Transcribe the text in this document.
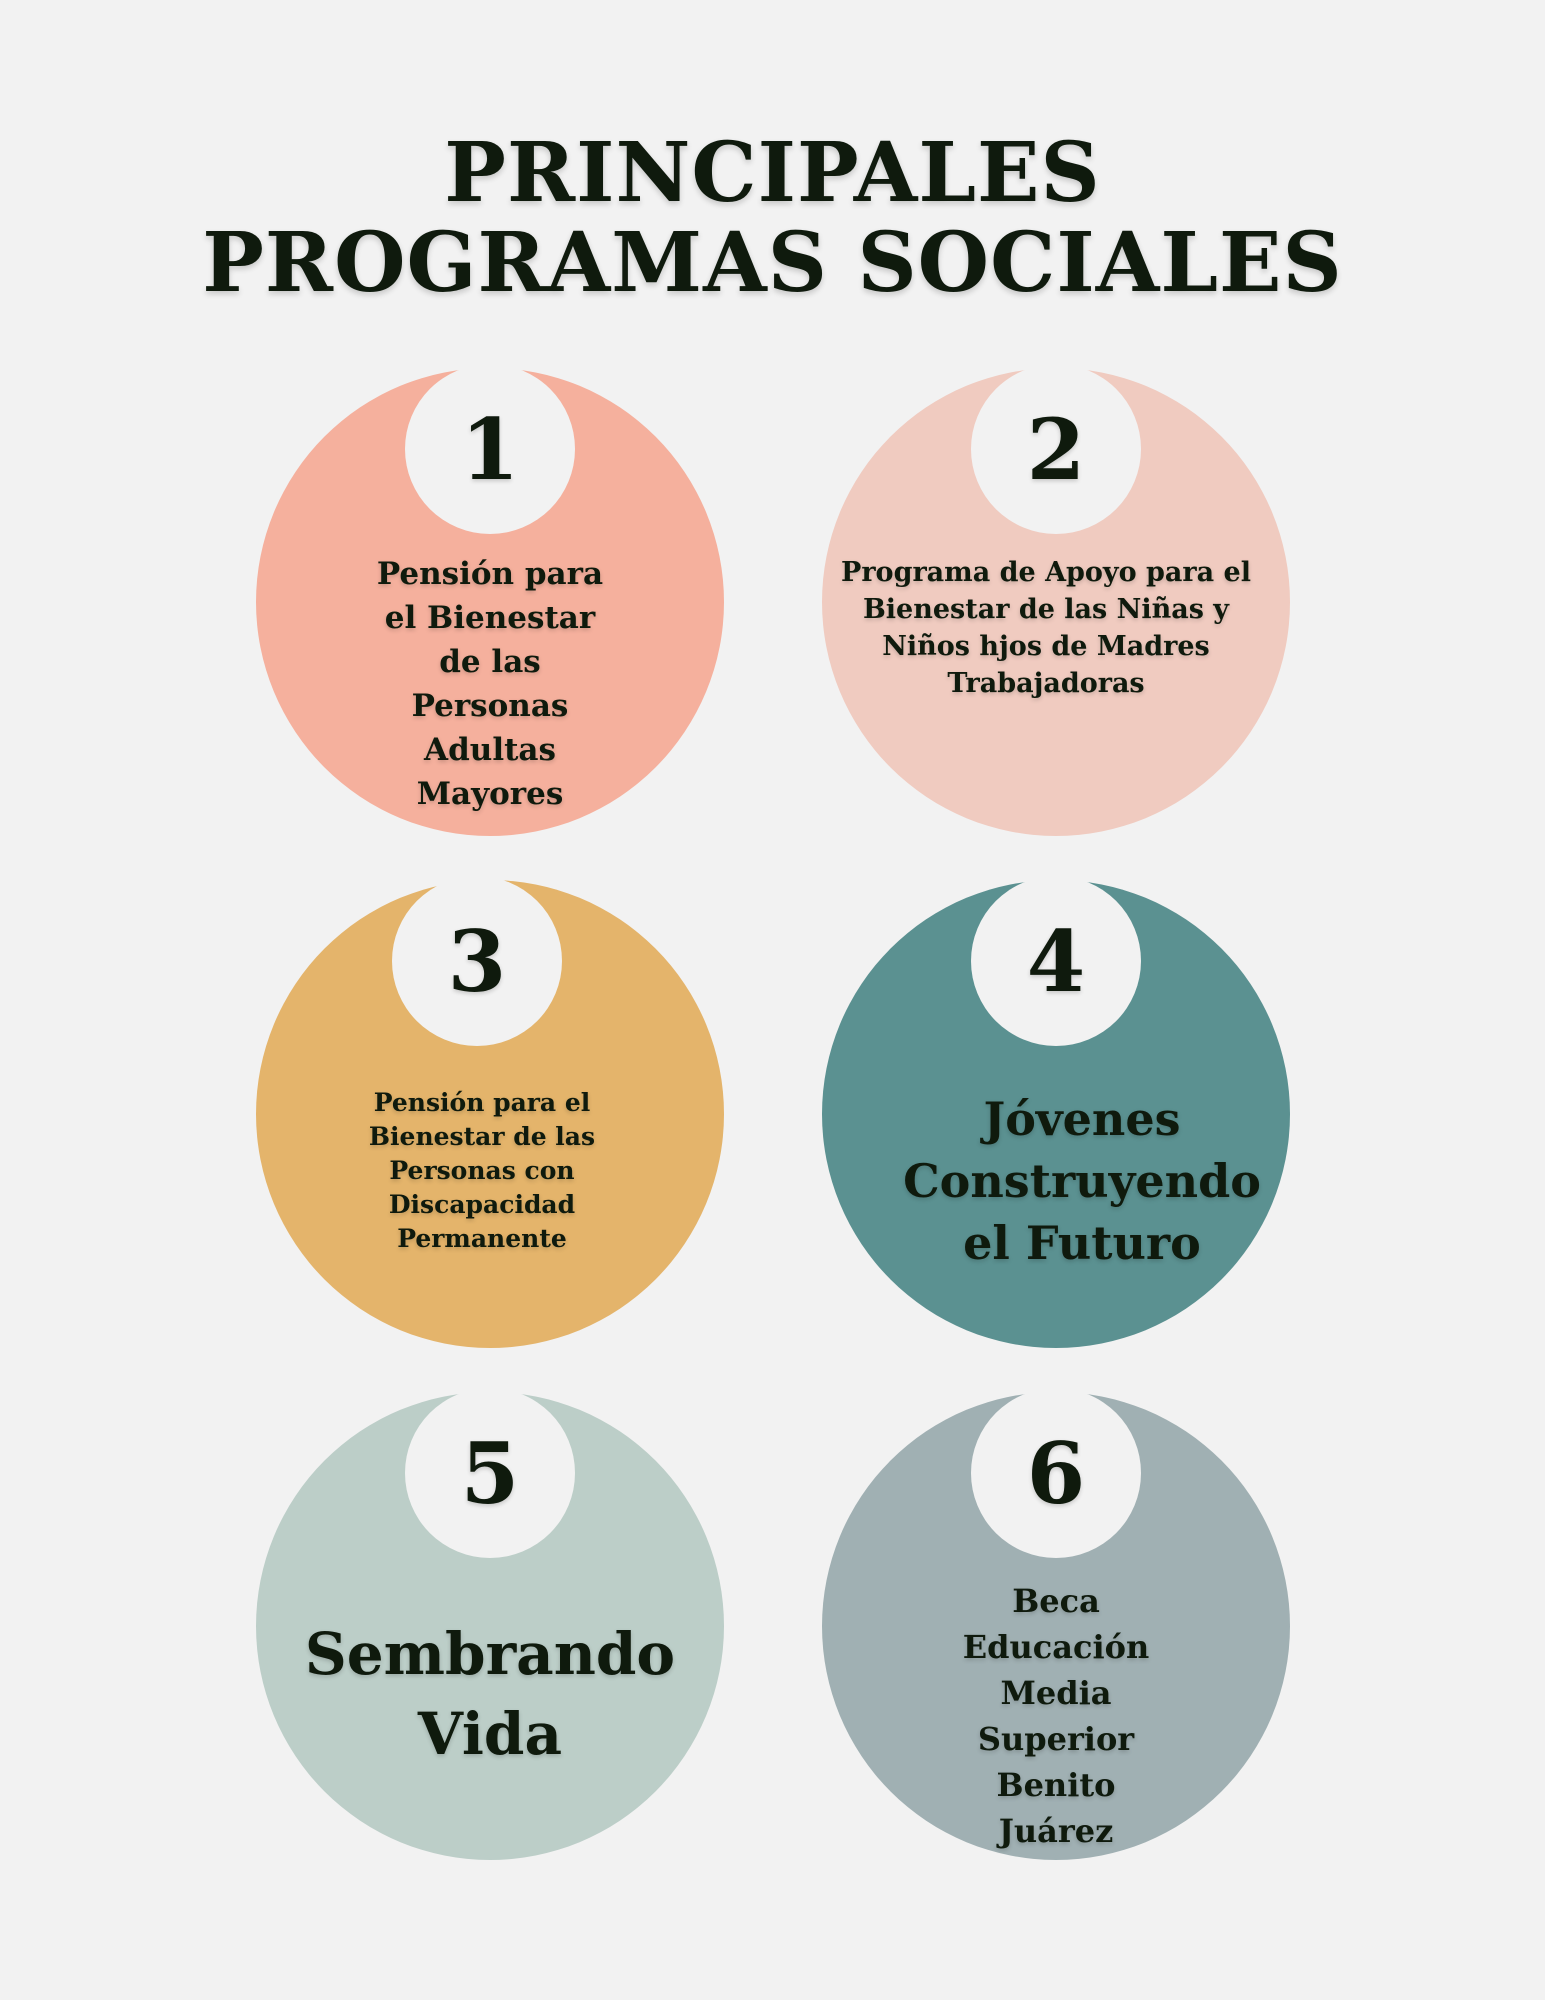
PRINCIPALES
PROGRAMAS SOCIALES
1
Pensión para el Bienestar de las Personas Adultas Mayores
2
Programa de Apoyo para el Bienestar de las Niñas y Niños hjos de Madres Trabajadoras
3
Pensión para el Bienestar de las Personas con Discapacidad Permanente
4
Jóvenes Construyendo el Futuro
5
Sembrando Vida
6
Beca Educación Media Superior Benito Juárez
